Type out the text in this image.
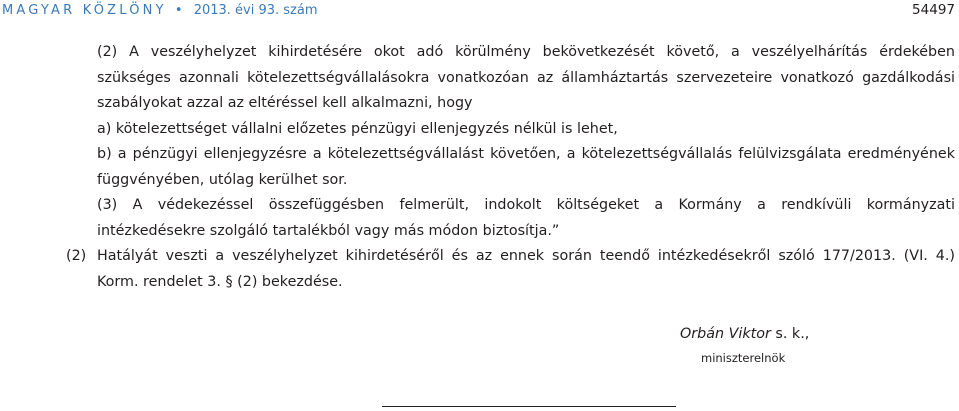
MAGYAR KÖZLÖNY • 2013. évi 93. szám	54497

(2) A veszélyhelyzet kihirdetésére okot adó körülmény bekövetkezését követő, a veszélyelhárítás érdekében

szükséges azonnali kötelezettségvállalásokra vonatkozóan az államháztartás szervezeteire vonatkozó gazdálkodási

szabályokat azzal az eltéréssel kell alkalmazni, hogy

a) kötelezettséget vállalni előzetes pénzügyi ellenjegyzés nélkül is lehet,

b) a pénzügyi ellenjegyzésre a kötelezettségvállalást követően, a kötelezettségvállalás felülvizsgálata eredményének

függvényében, utólag kerülhet sor.

(3) A védekezéssel összefüggésben felmerült, indokolt költségeket a Kormány a rendkívüli kormányzati

intézkedésekre szolgáló tartalékból vagy más módon biztosítja.”

(2) Hatályát veszti a veszélyhelyzet kihirdetéséről és az ennek során teendő intézkedésekről szóló 177/2013. (VI. 4.)

Korm. rendelet 3. § (2) bekezdése.

Orbán Viktor s. k.,
miniszterelnök
